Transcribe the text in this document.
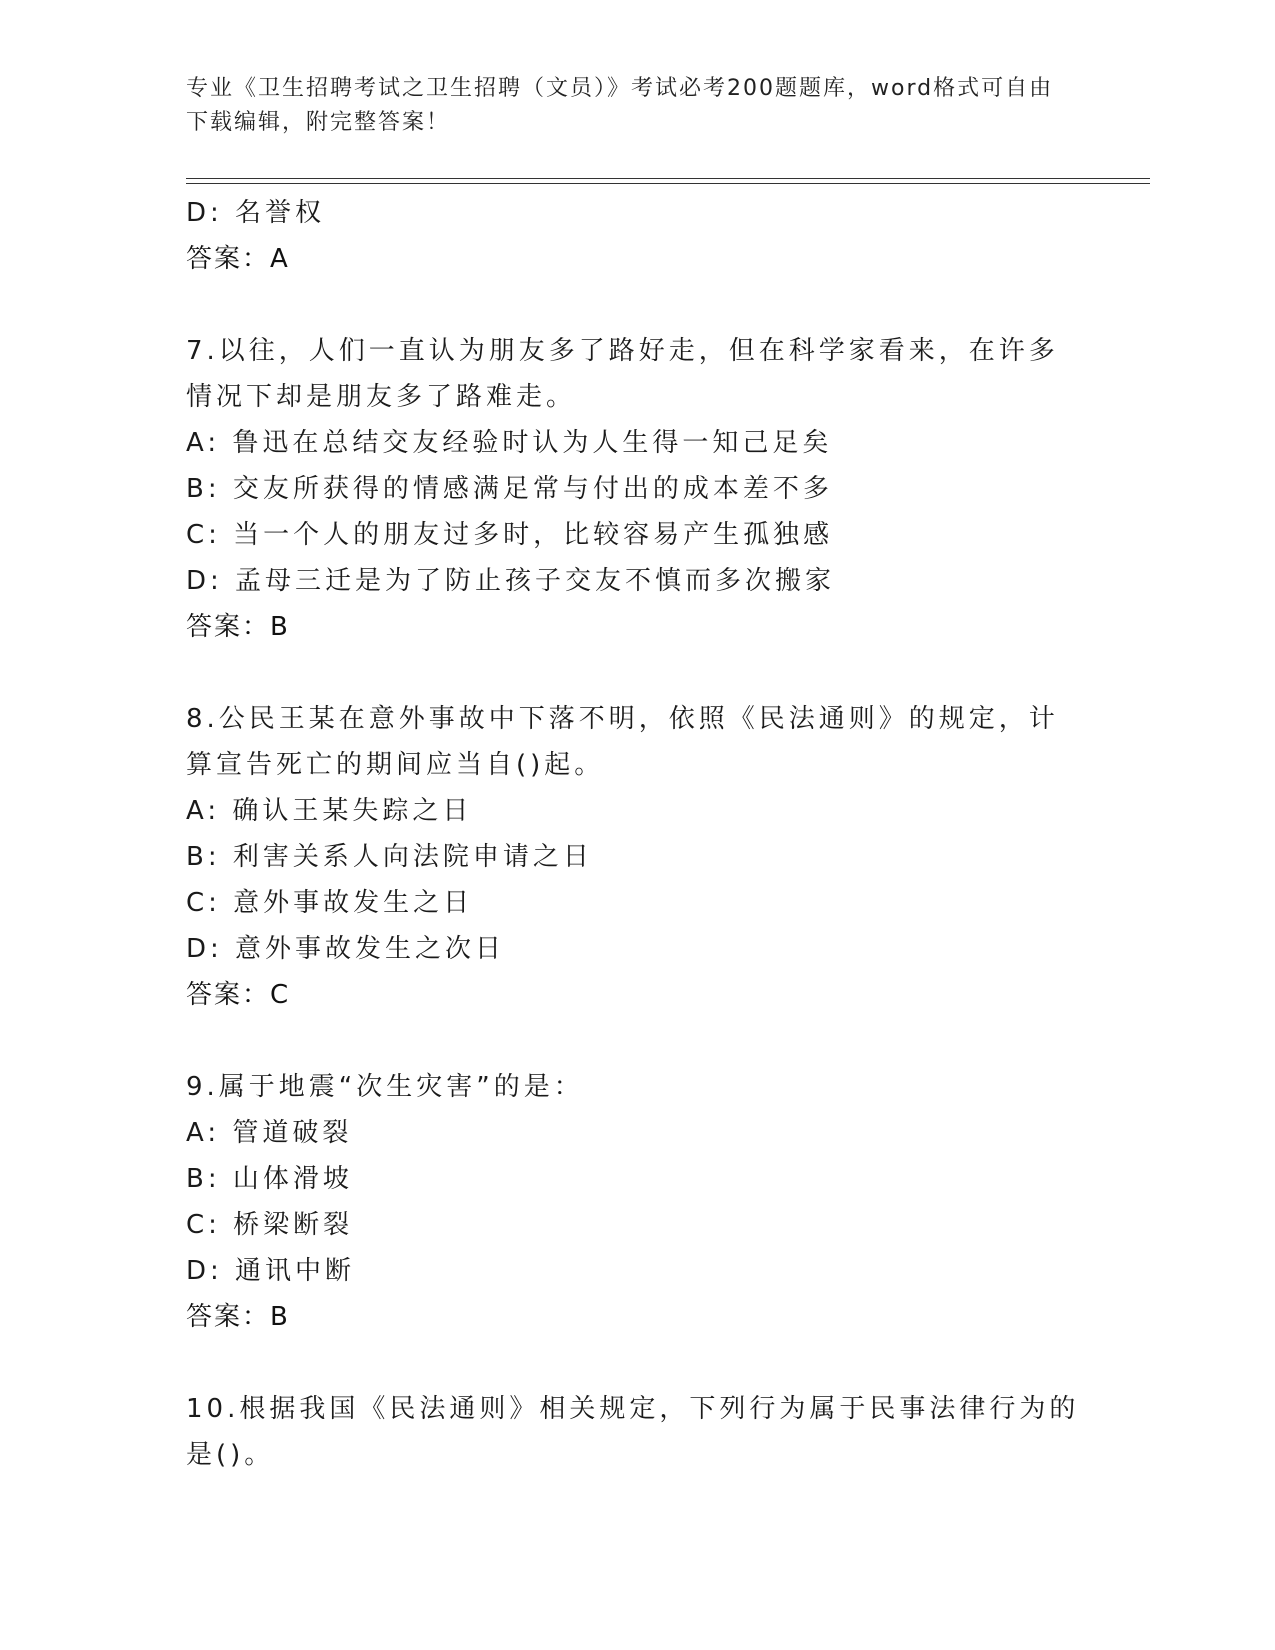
专业《卫生招聘考试之卫生招聘（文员）》考试必考200题题库，word格式可自由下载编辑，附完整答案！
D: 名誉权
答案：A
7.以往，人们一直认为朋友多了路好走，但在科学家看来，在许多情况下却是朋友多了路难走。
A: 鲁迅在总结交友经验时认为人生得一知己足矣
B: 交友所获得的情感满足常与付出的成本差不多
C: 当一个人的朋友过多时，比较容易产生孤独感
D: 孟母三迁是为了防止孩子交友不慎而多次搬家
答案：B
8.公民王某在意外事故中下落不明，依照《民法通则》的规定，计算宣告死亡的期间应当自()起。
A: 确认王某失踪之日
B: 利害关系人向法院申请之日
C: 意外事故发生之日
D: 意外事故发生之次日
答案：C
9.属于地震“次生灾害”的是：
A: 管道破裂
B: 山体滑坡
C: 桥梁断裂
D: 通讯中断
答案：B
10.根据我国《民法通则》相关规定，下列行为属于民事法律行为的是()。
